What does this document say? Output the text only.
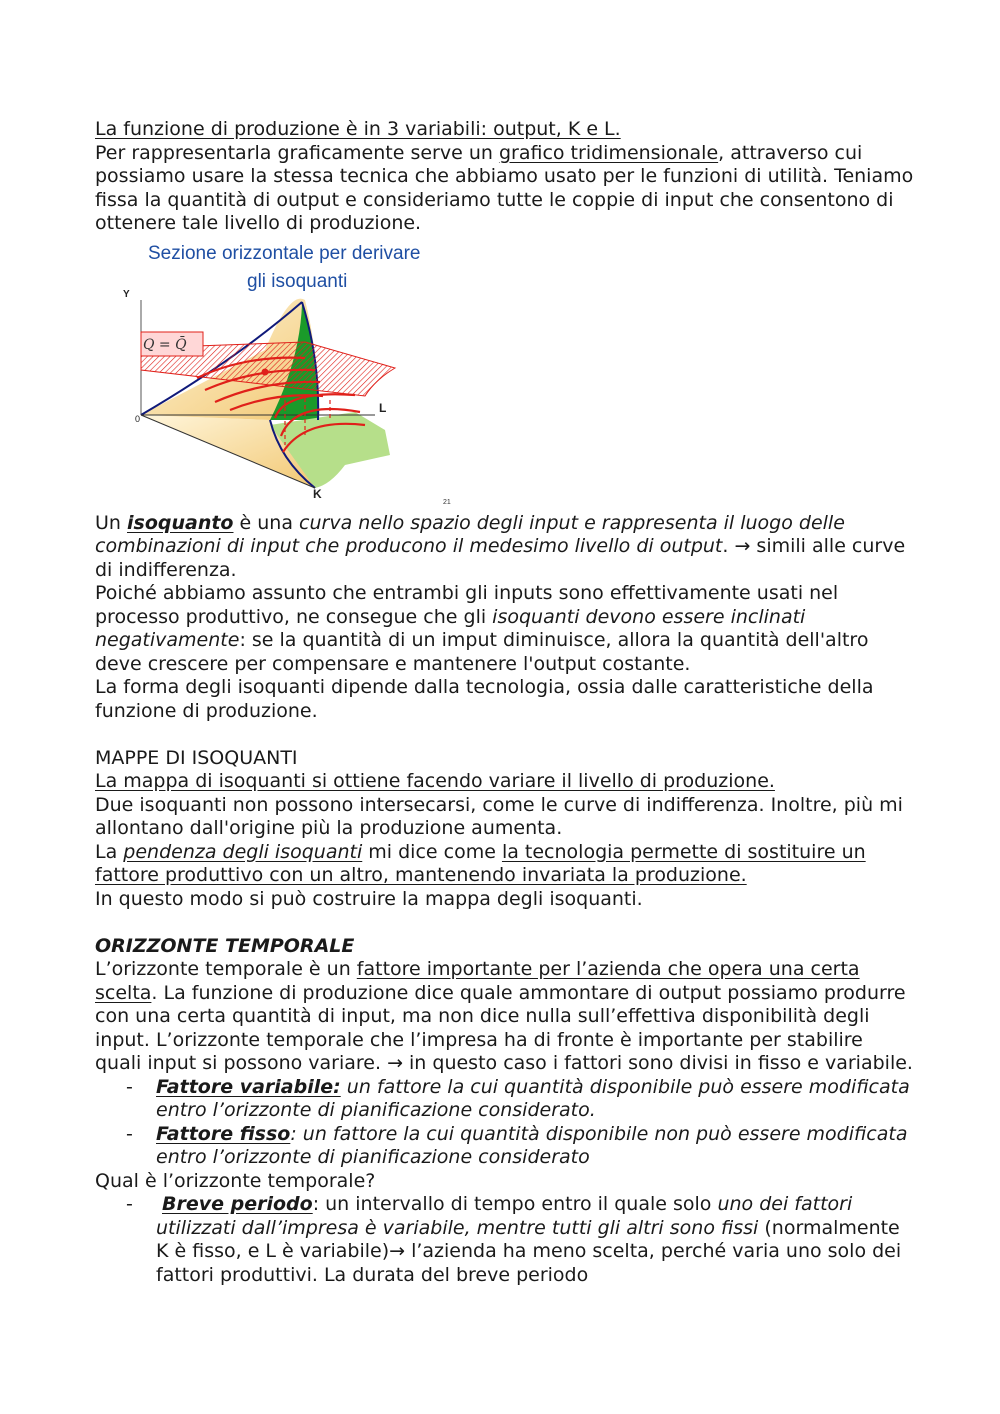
La funzione di produzione è in 3 variabili: output, K e L.

Per rappresentarla graficamente serve un grafico tridimensionale, attraverso cui possiamo usare la stessa tecnica che abbiamo usato per le funzioni di utilità. Teniamo fissa la quantità di output e consideriamo tutte le coppie di input che consentono di ottenere tale livello di produzione.

Sezione orizzontale per derivare
gli isoquanti
Y
L
K
0
Q = Q̄
21

Un isoquanto è una curva nello spazio degli input e rappresenta il luogo delle combinazioni di input che producono il medesimo livello di output. → simili alle curve di indifferenza.

Poiché abbiamo assunto che entrambi gli inputs sono effettivamente usati nel processo produttivo, ne consegue che gli isoquanti devono essere inclinati negativamente: se la quantità di un imput diminuisce, allora la quantità dell'altro deve crescere per compensare e mantenere l'output costante.

La forma degli isoquanti dipende dalla tecnologia, ossia dalle caratteristiche della funzione di produzione.

MAPPE DI ISOQUANTI

La mappa di isoquanti si ottiene facendo variare il livello di produzione.

Due isoquanti non possono intersecarsi, come le curve di indifferenza. Inoltre, più mi allontano dall'origine più la produzione aumenta.

La pendenza degli isoquanti mi dice come la tecnologia permette di sostituire un fattore produttivo con un altro, mantenendo invariata la produzione.

In questo modo si può costruire la mappa degli isoquanti.

ORIZZONTE TEMPORALE

L’orizzonte temporale è un fattore importante per l’azienda che opera una certa scelta. La funzione di produzione dice quale ammontare di output possiamo produrre con una certa quantità di input, ma non dice nulla sull’effettiva disponibilità degli input. L’orizzonte temporale che l’impresa ha di fronte è importante per stabilire quali input si possono variare. → in questo caso i fattori sono divisi in fisso e variabile.

- Fattore variabile: un fattore la cui quantità disponibile può essere modificata entro l’orizzonte di pianificazione considerato.
- Fattore fisso: un fattore la cui quantità disponibile non può essere modificata entro l’orizzonte di pianificazione considerato

Qual è l’orizzonte temporale?

- Breve periodo: un intervallo di tempo entro il quale solo uno dei fattori utilizzati dall’impresa è variabile, mentre tutti gli altri sono fissi (normalmente K è fisso, e L è variabile)→ l’azienda ha meno scelta, perché varia uno solo dei fattori produttivi. La durata del breve periodo
